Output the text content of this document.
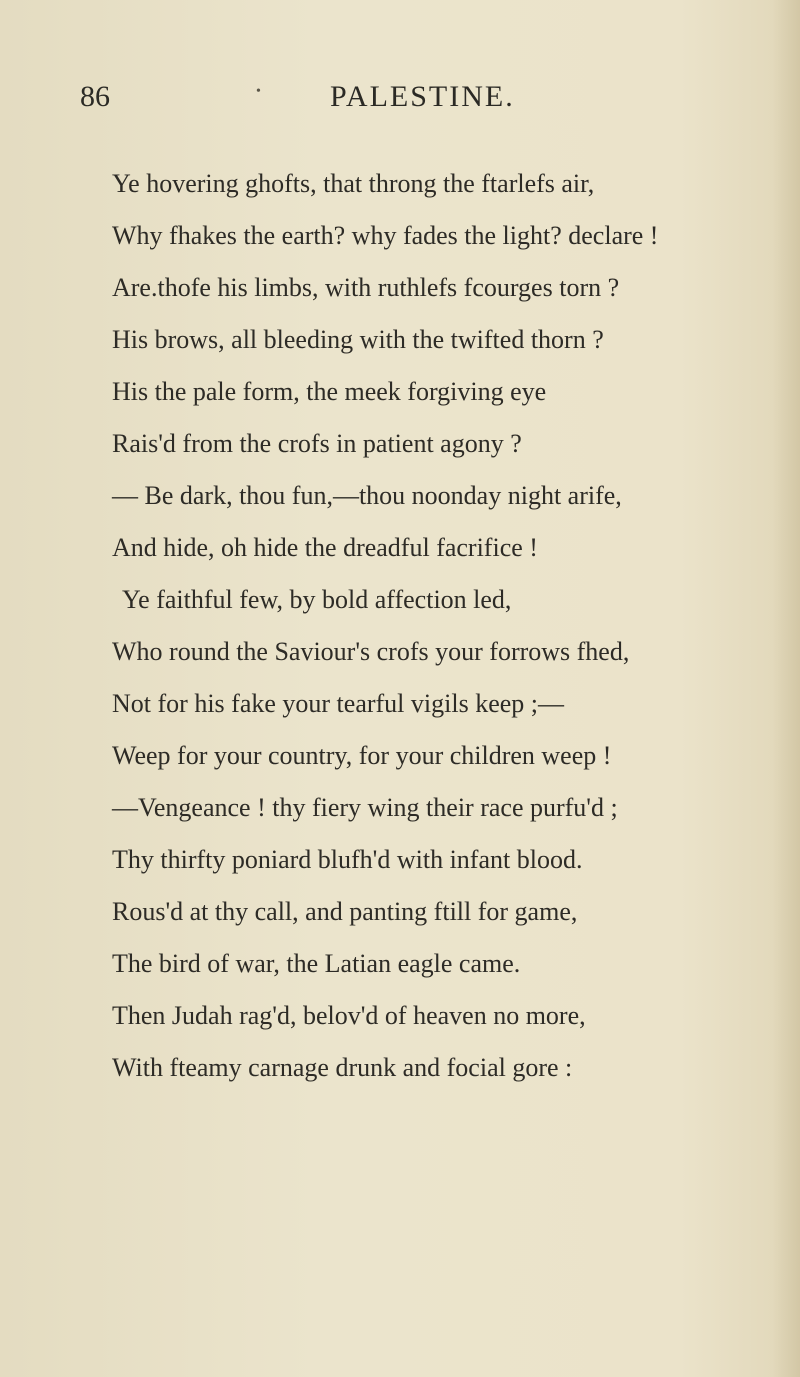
86	• PALESTINE.
Ye hovering ghofts, that throng the ftarlefs air,
Why fhakes the earth? why fades the light? declare !
Are.thofe his limbs, with ruthlefs fcourges torn ?
His brows, all bleeding with the twifted thorn ?
His the pale form, the meek forgiving eye
Rais'd from the crofs in patient agony ?
— Be dark, thou fun,—thou noonday night arife,
And hide, oh hide the dreadful facrifice !
Ye faithful few, by bold affection led,
Who round the Saviour's crofs your forrows fhed,
Not for his fake your tearful vigils keep ;—
Weep for your country, for your children weep !
—Vengeance ! thy fiery wing their race purfu'd ;
Thy thirfty poniard blufh'd with infant blood.
Rous'd at thy call, and panting ftill for game,
The bird of war, the Latian eagle came.
Then Judah rag'd, belov'd of heaven no more,
With fteamy carnage drunk and focial gore :
